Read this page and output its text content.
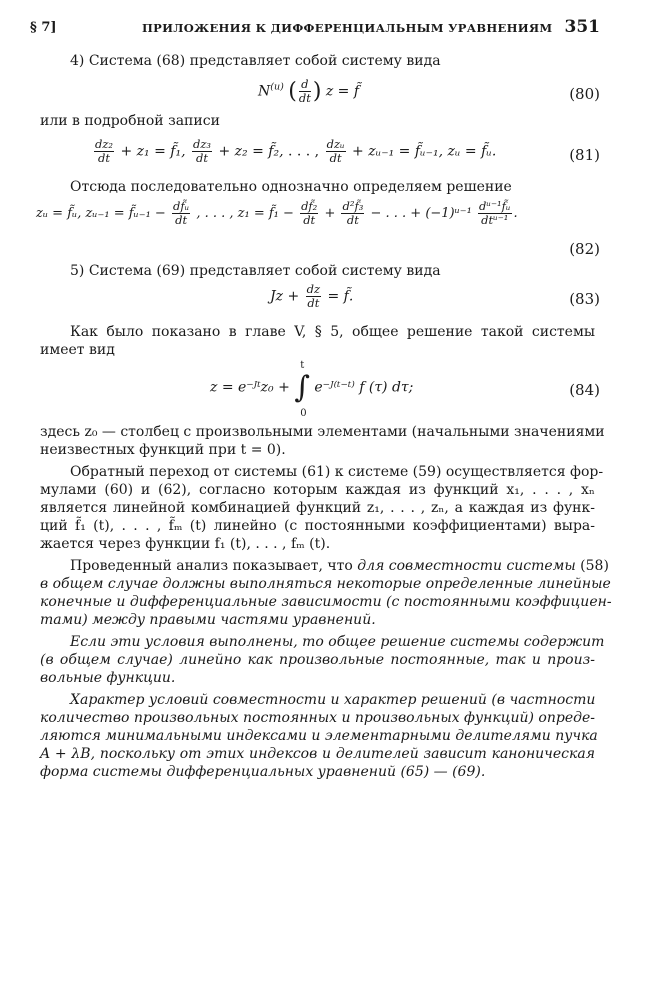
§ 7]	ПРИЛОЖЕНИЯ К ДИФФЕРЕНЦИАЛЬНЫМ УРАВНЕНИЯМ 351
4) Система (68) представляет собой систему вида
$N^{(u)}$ ( $\frac{d}{dt}$ ) z = f̃	(80)
или в подробной записи
$\frac{\text{dz₂}}{dt} + z_1$ = f̃₁, $\frac{\text{dz₃}}{dt} + z_2$ = f̃₂, . . . , $\frac{\text{dzᵤ}}{dt}$ + zᵤ₋₁ = f̃ᵤ₋₁, zᵤ = f̃ᵤ.	(81)
Отсюда последовательно однозначно определяем решение
zᵤ = f̃ᵤ, zᵤ₋₁ = f̃ᵤ₋₁ − $\frac{\text{df̃ᵤ}}{dt}$ , . . . , z₁ = f̃₁ − $\frac{\text{df̃₂}}{dt} + \frac{\text{d²f̃₃}}{dt}$ − . . . + (−1)ᵘ⁻¹ $\frac{\text{dᵘ⁻¹f̃ᵤ}}{\text{dtᵘ⁻¹}}$ .
(82)
5) Система (69) представляет собой систему вида
$Jz + \frac{dz}{dt}$ = f̃.	(83)
Как было показано в главе V, § 5, общее решение такой системы
имеет вид
z = e⁻ᴶᵗz₀ + ∫
t
0
e⁻ᴶ⁽ᵗ⁻ᵗ⁾ f (τ) dτ;	(84)
здесь z₀ — столбец с произвольными элементами (начальными значениями
неизвестных функций при t = 0).
Обратный переход от системы (61) к системе (59) осуществляется фор-
мулами (60) и (62), согласно которым каждая из функций x₁, . . . , xₙ
является линейной комбинацией функций z₁, . . . , zₙ, а каждая из функ-
ций f̃₁ (t), . . . , f̃ₘ (t) линейно (с постоянными коэффициентами) выра-
жается через функции f₁ (t), . . . , fₘ (t).
Проведенный анализ показывает, что для совместности системы (58)
в общем случае должны выполняться некоторые определенные линейные
конечные и дифференциальные зависимости (с постоянными коэффициен-
тами) между правыми частями уравнений.
Если эти условия выполнены, то общее решение системы содержит
(в общем случае) линейно как произвольные постоянные, так и произ-
вольные функции.
Характер условий совместности и характер решений (в частности
количество произвольных постоянных и произвольных функций) опреде-
ляются минимальными индексами и элементарными делителями пучка
A + λB, поскольку от этих индексов и делителей зависит каноническая
форма системы дифференциальных уравнений (65) — (69).
